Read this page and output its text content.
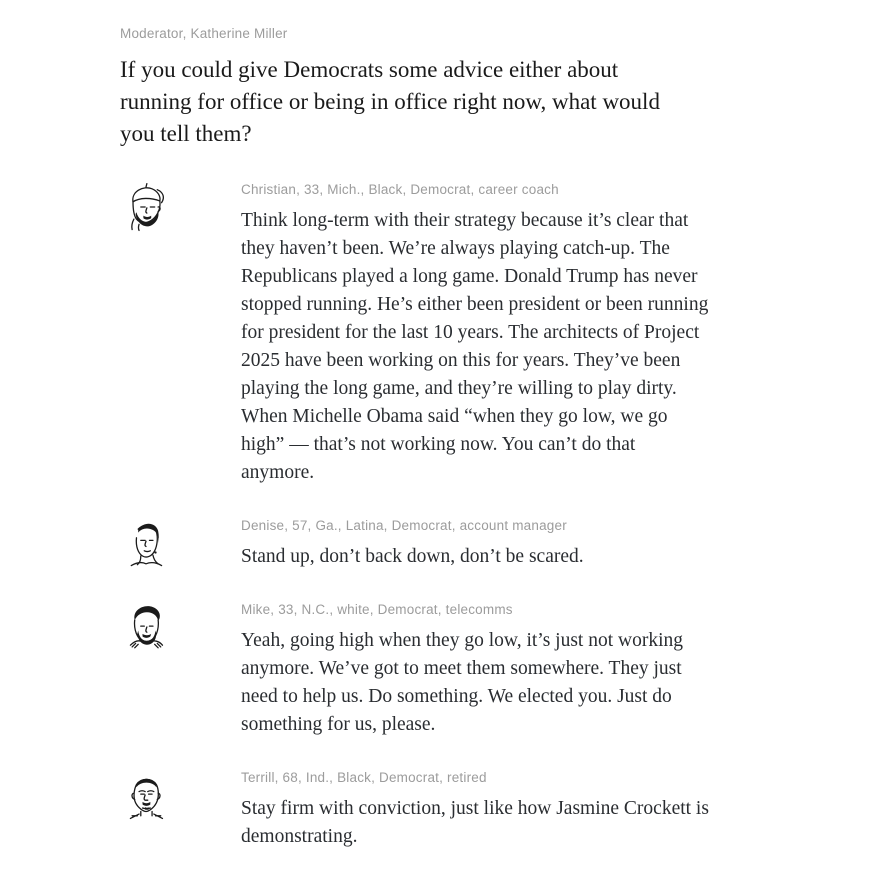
Moderator, Katherine Miller
If you could give Democrats some advice either about running for office or being in office right now, what would you tell them?
Christian, 33, Mich., Black, Democrat, career coach

Think long-term with their strategy because it’s clear that they haven’t been. We’re always playing catch-up. The Republicans played a long game. Donald Trump has never stopped running. He’s either been president or been running for president for the last 10 years. The architects of Project 2025 have been working on this for years. They’ve been playing the long game, and they’re willing to play dirty. When Michelle Obama said “when they go low, we go high” — that’s not working now. You can’t do that anymore.

Denise, 57, Ga., Latina, Democrat, account manager

Stand up, don’t back down, don’t be scared.

Mike, 33, N.C., white, Democrat, telecomms

Yeah, going high when they go low, it’s just not working anymore. We’ve got to meet them somewhere. They just need to help us. Do something. We elected you. Just do something for us, please.

Terrill, 68, Ind., Black, Democrat, retired

Stay firm with conviction, just like how Jasmine Crockett is demonstrating.
